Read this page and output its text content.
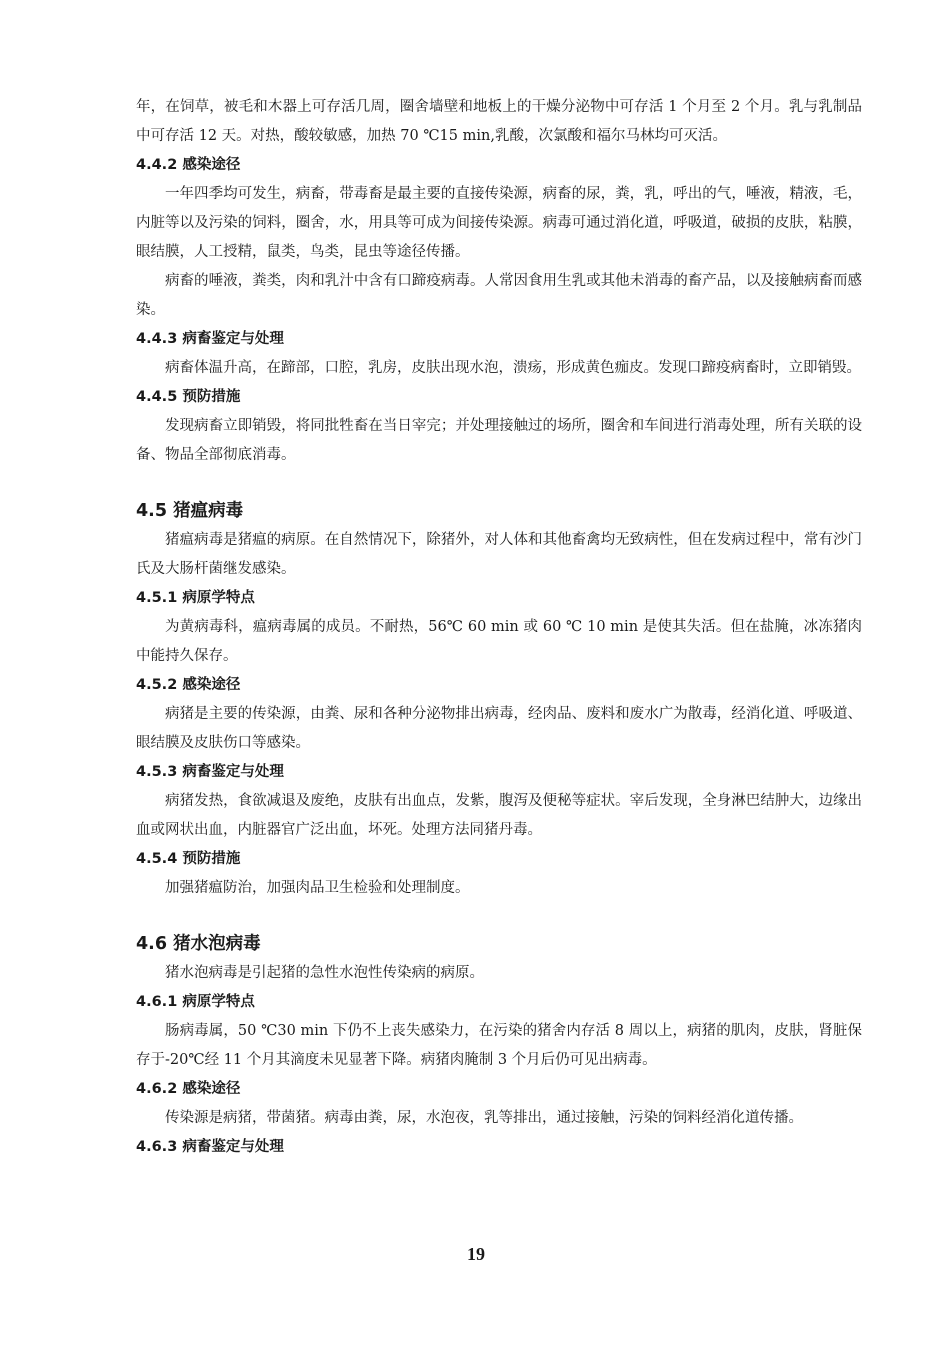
年，在饲草，被毛和木器上可存活几周，圈舍墙壁和地板上的干燥分泌物中可存活 1 个月至 2 个月。乳与乳制品中可存活 12 天。对热，酸较敏感，加热 70 ℃15 min,乳酸，次氯酸和福尔马林均可灭活。

4.4.2 感染途径

一年四季均可发生，病畜，带毒畜是最主要的直接传染源，病畜的尿，粪，乳，呼出的气，唾液，精液，毛，内脏等以及污染的饲料，圈舍，水，用具等可成为间接传染源。病毒可通过消化道，呼吸道，破损的皮肤，粘膜，眼结膜，人工授精，鼠类，鸟类，昆虫等途径传播。

病畜的唾液，粪类，肉和乳汁中含有口蹄疫病毒。人常因食用生乳或其他未消毒的畜产品，以及接触病畜而感染。

4.4.3 病畜鉴定与处理

病畜体温升高，在蹄部，口腔，乳房，皮肤出现水泡，溃疡，形成黄色痂皮。发现口蹄疫病畜时，立即销毁。

4.4.5 预防措施

发现病畜立即销毁，将同批牲畜在当日宰完；并处理接触过的场所，圈舍和车间进行消毒处理，所有关联的设备、物品全部彻底消毒。

4.5 猪瘟病毒

猪瘟病毒是猪瘟的病原。在自然情况下，除猪外，对人体和其他畜禽均无致病性，但在发病过程中，常有沙门氏及大肠杆菌继发感染。

4.5.1 病原学特点

为黄病毒科，瘟病毒属的成员。不耐热，56℃ 60 min 或 60 ℃ 10 min 是使其失活。但在盐腌，冰冻猪肉中能持久保存。

4.5.2 感染途径

病猪是主要的传染源，由粪、尿和各种分泌物排出病毒，经肉品、废料和废水广为散毒，经消化道、呼吸道、眼结膜及皮肤伤口等感染。

4.5.3 病畜鉴定与处理

病猪发热，食欲减退及废绝，皮肤有出血点，发紫，腹泻及便秘等症状。宰后发现，全身淋巴结肿大，边缘出血或网状出血，内脏器官广泛出血，坏死。处理方法同猪丹毒。

4.5.4 预防措施

加强猪瘟防治，加强肉品卫生检验和处理制度。

4.6 猪水泡病毒

猪水泡病毒是引起猪的急性水泡性传染病的病原。

4.6.1 病原学特点

肠病毒属，50 ℃30 min 下仍不上丧失感染力，在污染的猪舍内存活 8 周以上，病猪的肌肉，皮肤，肾脏保存于-20℃经 11 个月其滴度未见显著下降。病猪肉腌制 3 个月后仍可见出病毒。

4.6.2 感染途径

传染源是病猪，带菌猪。病毒由粪，尿，水泡夜，乳等排出，通过接触，污染的饲料经消化道传播。

4.6.3 病畜鉴定与处理
19
